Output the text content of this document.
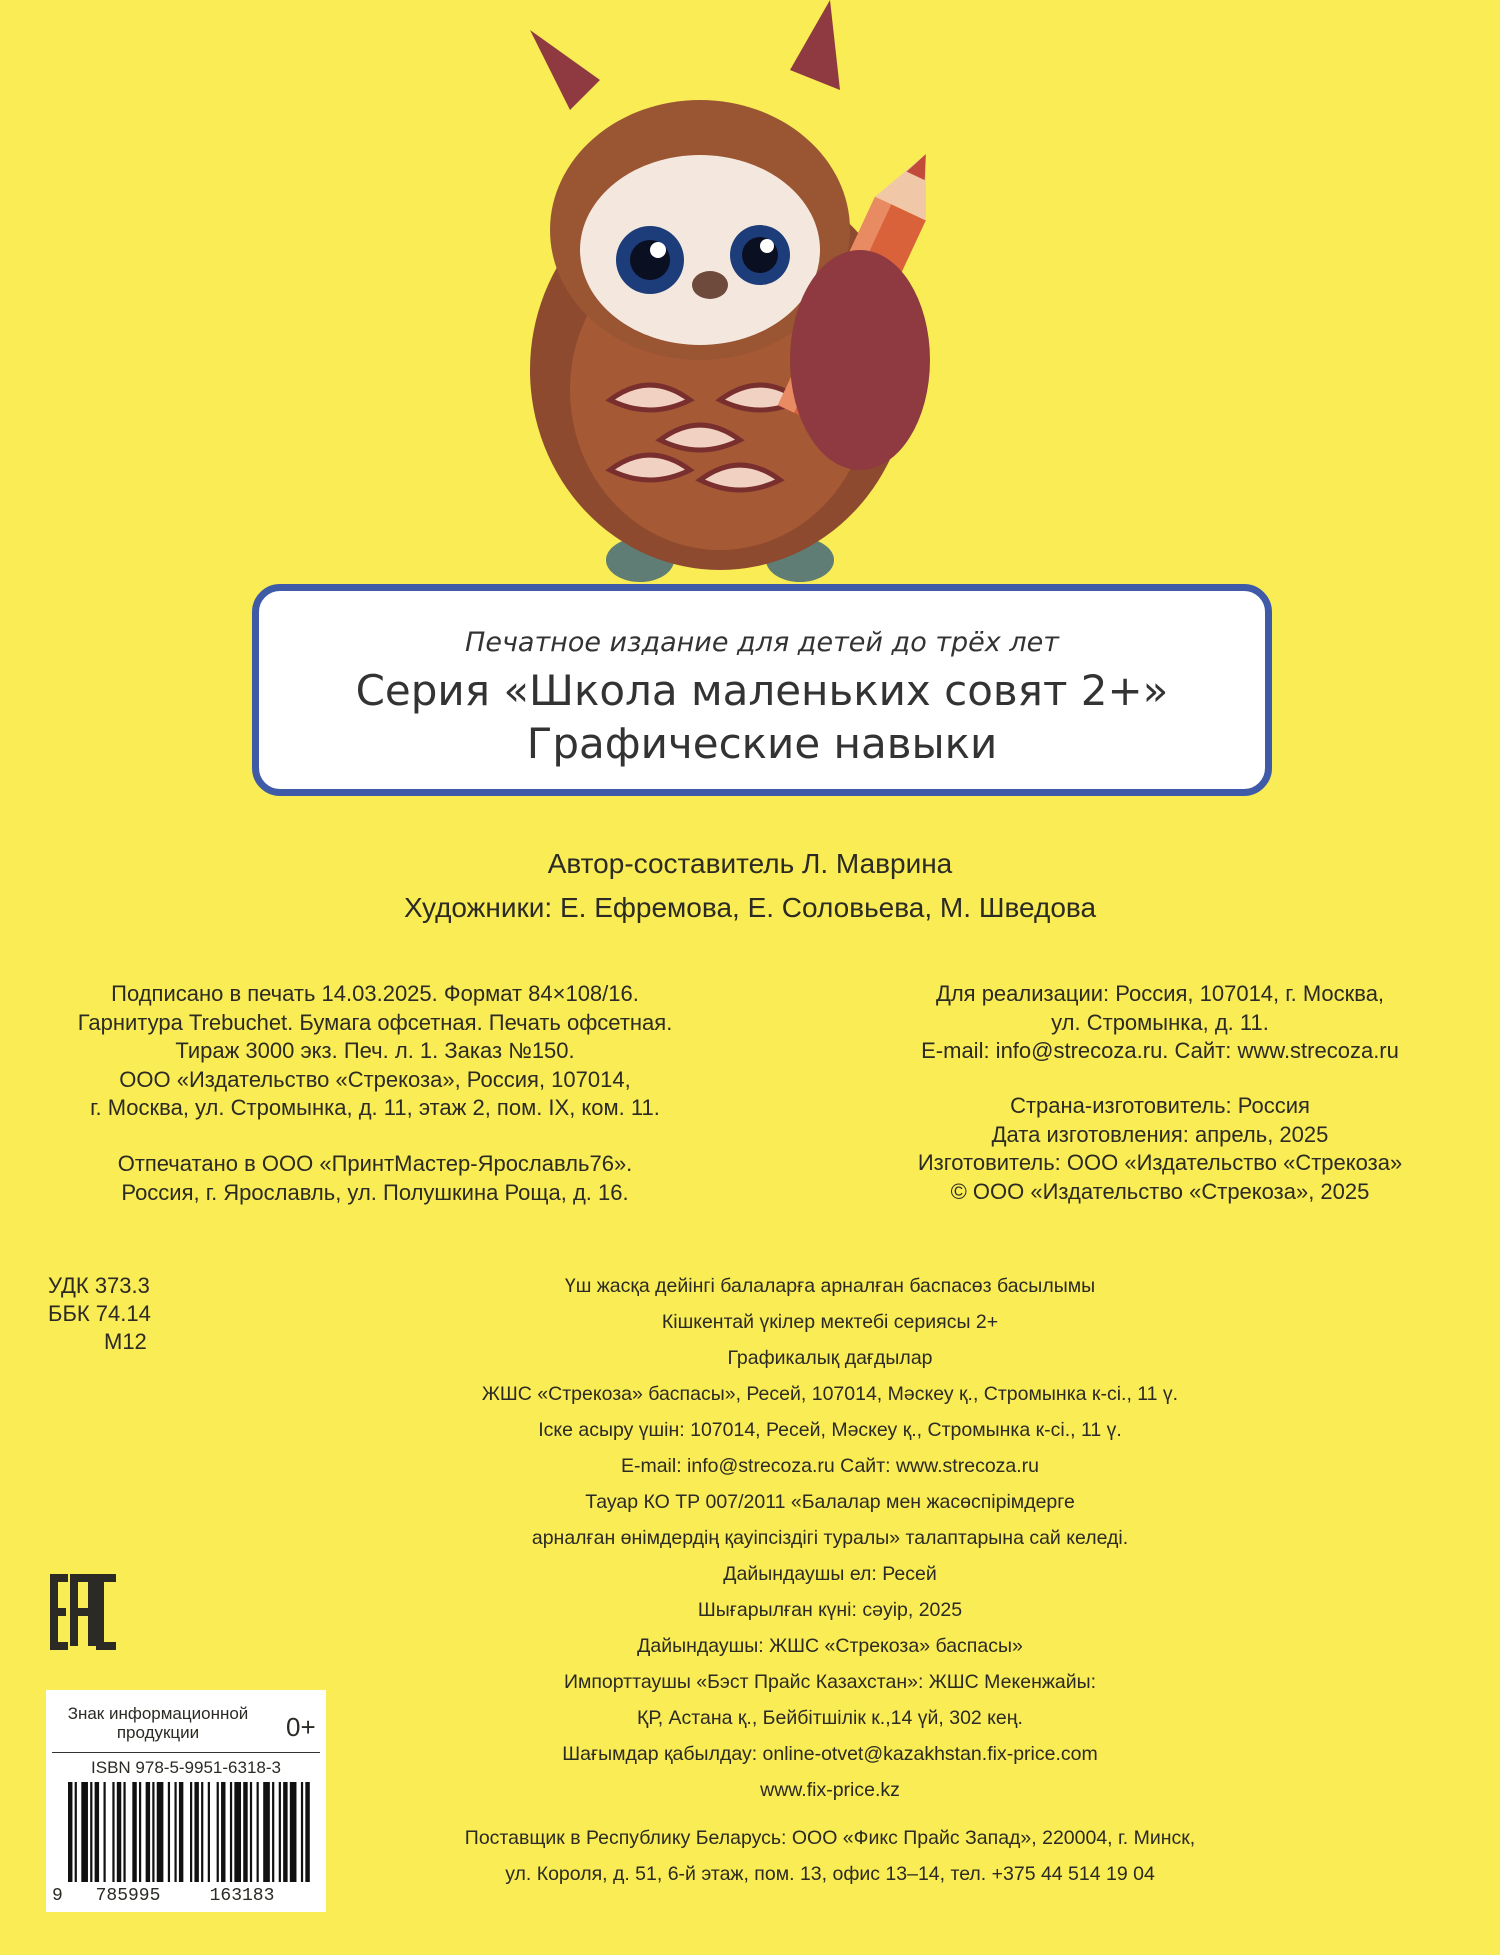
Печатное издание для детей до трёх лет
Серия «Школа маленьких совят 2+»
Графические навыки
Автор-составитель Л. Маврина
Художники: Е. Ефремова, Е. Соловьева, М. Шведова
Подписано в печать 14.03.2025. Формат 84×108/16.
Гарнитура Trebuchet. Бумага офсетная. Печать офсетная.
Тираж 3000 экз. Печ. л. 1. Заказ №150.
ООО «Издательство «Стрекоза», Россия, 107014,
г. Москва, ул. Стромынка, д. 11, этаж 2, пом. IX, ком. 11.
Отпечатано в ООО «ПринтМастер-Ярославль76».
Россия, г. Ярославль, ул. Полушкина Роща, д. 16.
Для реализации: Россия, 107014, г. Москва,
ул. Стромынка, д. 11.
E-mail: info@strecoza.ru. Сайт: www.strecoza.ru
Страна-изготовитель: Россия
Дата изготовления: апрель, 2025
Изготовитель: ООО «Издательство «Стрекоза»
© ООО «Издательство «Стрекоза», 2025
УДК 373.3
ББК 74.14
М12
Үш жасқа дейінгі балаларға арналған баспасөз басылымы
Кішкентай үкілер мектебі сериясы 2+
Графикалық дағдылар
ЖШС «Стрекоза» баспасы», Ресей, 107014, Мәскеу қ., Стромынка к-сі., 11 ү.
Іске асыру үшін: 107014, Ресей, Мәскеу қ., Стромынка к-сі., 11 ү.
E-mail: info@strecoza.ru Сайт: www.strecoza.ru
Тауар КО ТР 007/2011 «Балалар мен жасөспірімдерге
арналған өнімдердің қауіпсіздігі туралы» талаптарына сай келеді.
Дайындаушы ел: Ресей
Шығарылған күні: сәуір, 2025
Дайындаушы: ЖШС «Стрекоза» баспасы»
Импорттаушы «Бэст Прайс Казахстан»: ЖШС Мекенжайы:
ҚР, Астана қ., Бейбітшілік к.,14 үй, 302 кең.
Шағымдар қабылдау: online-otvet@kazakhstan.fix-price.com
www.fix-price.kz
Поставщик в Республику Беларусь: ООО «Фикс Прайс Запад», 220004, г. Минск,
ул. Короля, д. 51, 6-й этаж, пом. 13, офис 13–14, тел. +375 44 514 19 04
Знак информационной продукции	0+
ISBN 978-5-9951-6318-3
9	785995	163183
